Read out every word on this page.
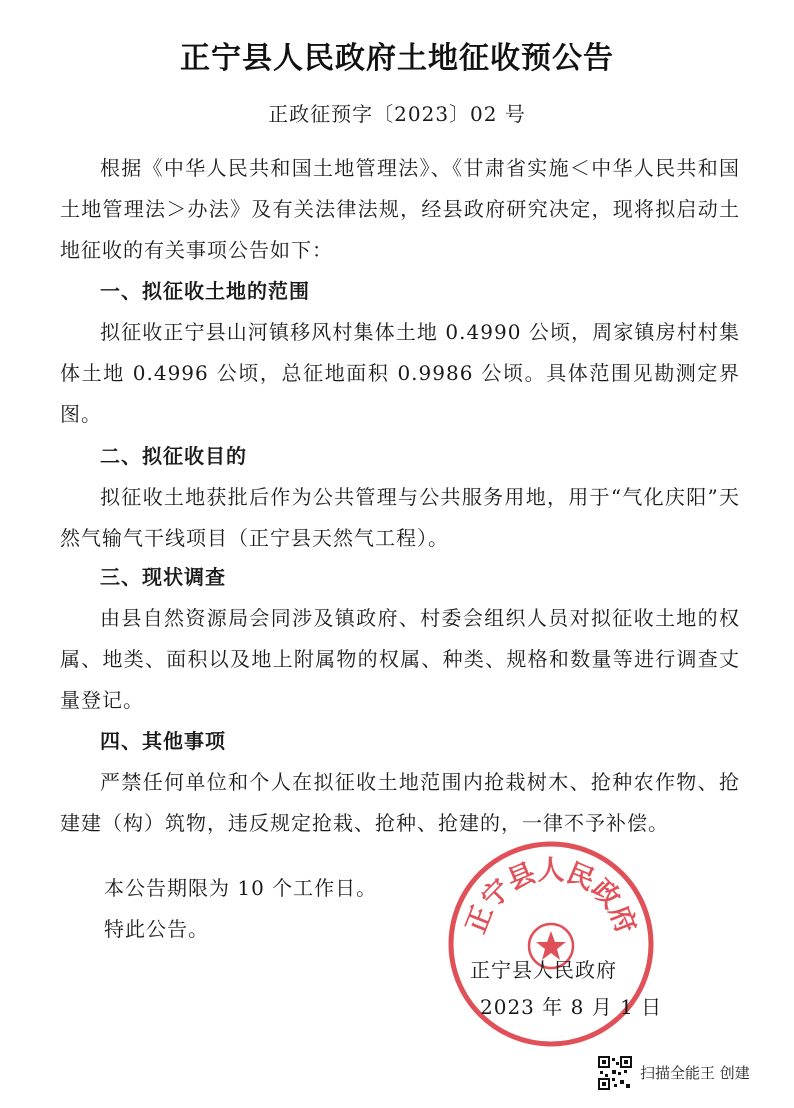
正宁县人民政府土地征收预公告
正政征预字〔2023〕02 号

根据《中华人民共和国土地管理法》、《甘肃省实施＜中华人民共和国土地管理法＞办法》及有关法律法规，经县政府研究决定，现将拟启动土地征收的有关事项公告如下：

一、拟征收土地的范围

拟征收正宁县山河镇移风村集体土地 0.4990 公顷，周家镇房村村集体土地 0.4996 公顷，总征地面积 0.9986 公顷。具体范围见勘测定界图。

二、拟征收目的

拟征收土地获批后作为公共管理与公共服务用地，用于“气化庆阳”天然气输气干线项目（正宁县天然气工程）。

三、现状调查

由县自然资源局会同涉及镇政府、村委会组织人员对拟征收土地的权属、地类、面积以及地上附属物的权属、种类、规格和数量等进行调查丈量登记。

四、其他事项

严禁任何单位和个人在拟征收土地范围内抢栽树木、抢种农作物、抢建建（构）筑物，违反规定抢栽、抢种、抢建的，一律不予补偿。

本公告期限为 10 个工作日。

特此公告。	正宁县人民政府
正宁县人民政府
2023 年 8 月 1 日
扫描全能王 创建
